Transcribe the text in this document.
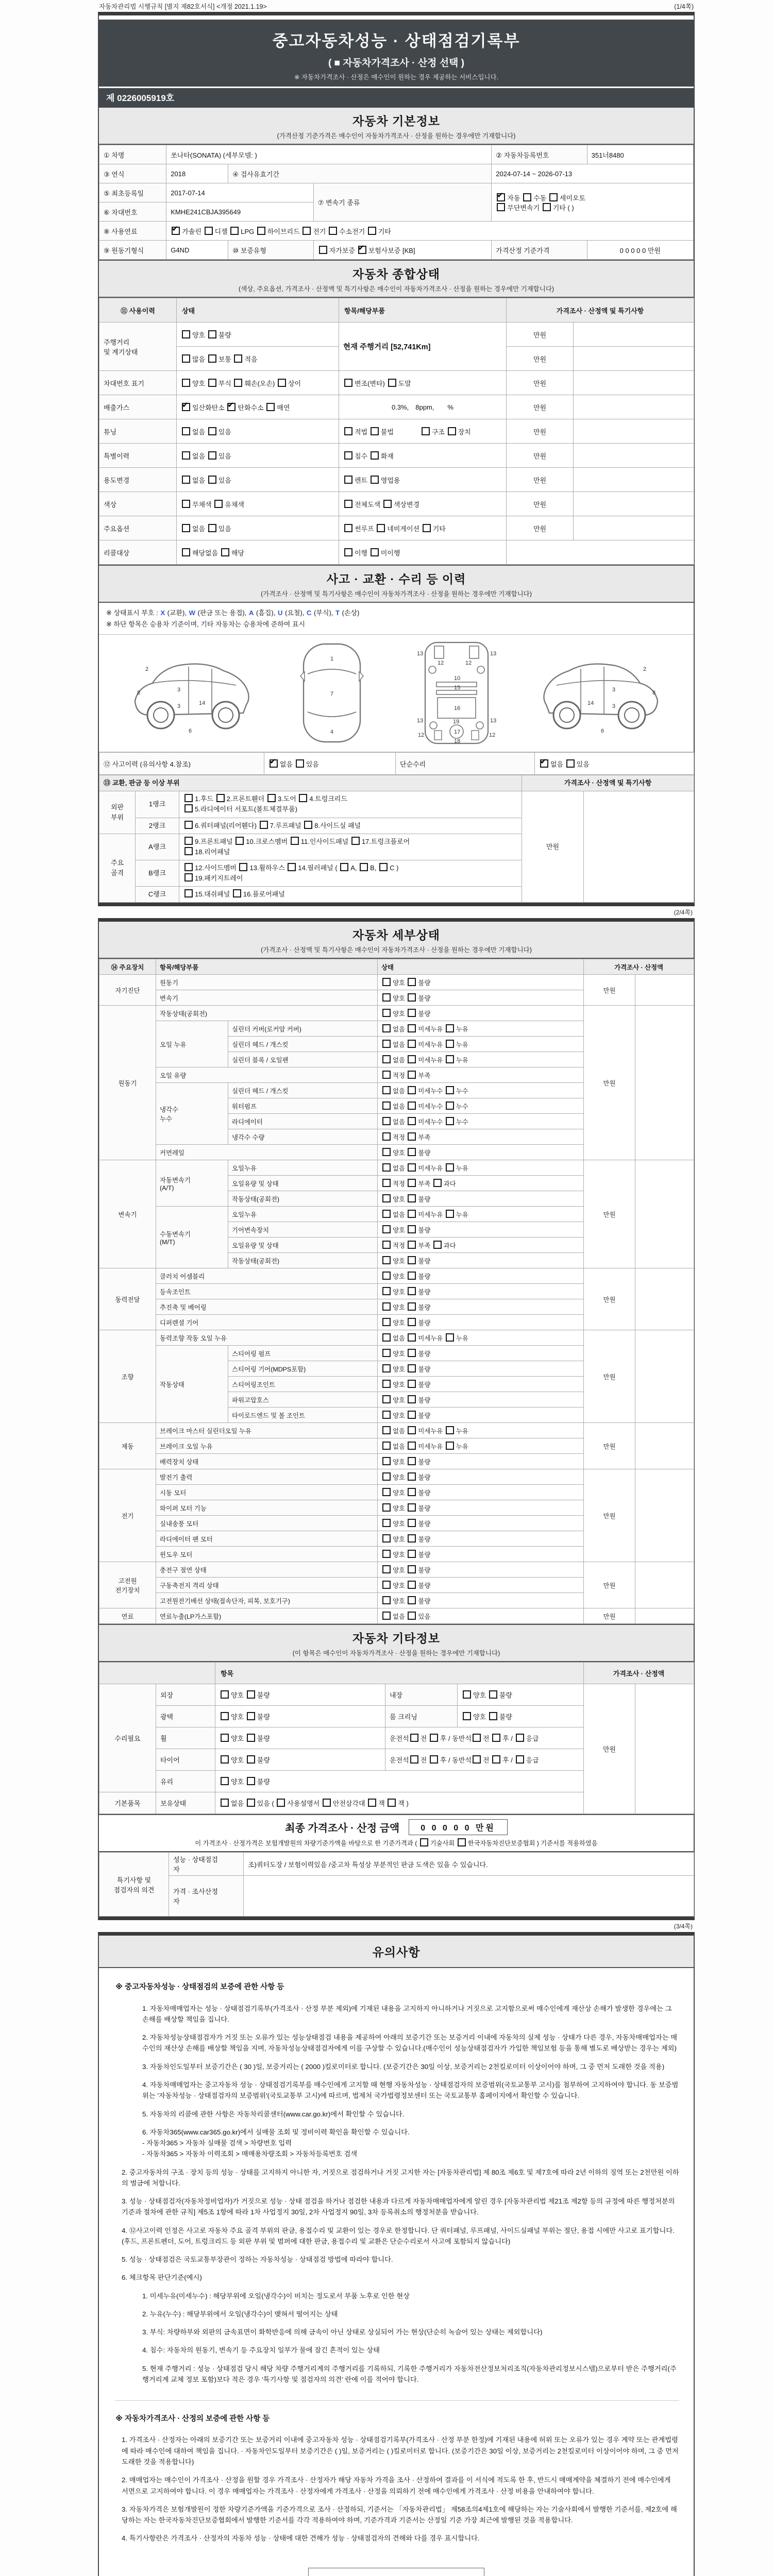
자동차관리법 시행규칙 [별지 제82호서식] <개정 2021.1.19>	(1/4쪽)
중고자동차성능 · 상태점검기록부
( ■ 자동차가격조사 · 산정 선택 )
※ 자동차가격조사 · 산정은 매수인이 원하는 경우 제공하는 서비스입니다.
제 0226005919호
자동차 기본정보
(가격산정 기준가격은 매수인이 자동차가격조사 · 산정을 원하는 경우에만 기재합니다)
① 차명	쏘나타(SONATA) (세부모델: )			② 자동차등록번호	351너8480
③ 연식	2018	④ 검사유효기간		2024-07-14 ~ 2026-07-13	
⑤ 최초등록일	2017-07-14		⑦ 변속기 종류	✔자동 수동 세미오토
무단변속기 기타 ( )
⑥ 차대번호	KMHE241CBJA395649				
⑧ 사용연료	✔가솔린 디젤 LPG 하이브리드 전기 수소전기 기타
⑨ 원동기형식	G4ND	⑩ 보증유형	자가보증 ✔보험사보증 [KB]	가격산정 기준가격	0 0 0 0 0 만원
자동차 종합상태
(색상, 주요옵션, 가격조사 · 산정액 및 특기사항은 매수인이 자동차가격조사 · 산정을 원하는 경우에만 기재합니다)
⑪ 사용이력	상태	항목/해당부품	가격조사 · 산정액 및 특기사항	
주행거리
및 계기상태	양호 불량	현재 주행거리 [52,741Km]	만원	
	많음 보통 적음		만원	
차대번호 표기	양호 부식 훼손(오손) 상이	변조(변타) 도말	만원	
배출가스	✔일산화탄소 ✔탄화수소 매연	0.3%, 8ppm,  %	만원	
튜닝	없음 있음	적법 불법    구조 장치	만원	
특별이력	없음 있음	침수 화재	만원	
용도변경	없음 있음	렌트 영업용	만원	
색상	무채색 유채색	전체도색 색상변경	만원	
주요옵션	없음 있음	썬루프 네비게이션 기타	만원	
리콜대상	해당없음 해당	이행 미이행		
사고 · 교환 · 수리 등 이력
(가격조사 · 산정액 및 특기사항은 매수인이 자동차가격조사 · 산정을 원하는 경우에만 기재합니다)
※ 상태표시 부호 : X (교환), W (판금 또는 용접), A (흠집), U (요철), C (부식), T (손상)
※ 하단 항목은 승용차 기준이며, 기타 자동차는 승용차에 준하여 표시
2
8	3
3	14
6
1
7
4
13
12	12
13
10
15
16
13	19	13
12	17	12
18
2
8
3
3
14
6
⑫ 사고이력 (유의사항 4.참조)	✔없음 있음	단순수리	✔없음 있음
⑬ 교환, 판금 등 이상 부위			가격조사 · 산정액 및 특기사항	
외판
부위	1랭크	1.후드 2.프론트휀더 3.도어 4.트렁크리드
5.라디에이터 서포트(볼트체결부품)	만원	
	2랭크	6.쿼터패널(리어휀다) 7.루프패널 8.사이드실 패널		
주요
골격	A랭크	9.프론트패널 10.크로스멤버 11.인사이드패널 17.트렁크플로어
18.리어패널		
	B랭크	12.사이드멤버 13.휠하우스 14.필러패널 ( A, B, C )
19.패키지트레이		
	C랭크	15.대쉬패널 16.플로어패널		
(2/4쪽)
자동차 세부상태
(가격조사 · 산정액 및 특기사항은 매수인이 자동차가격조사 · 산정을 원하는 경우에만 기재합니다)
⑭ 주요장치	항목/해당부품		상태	가격조사 · 산정액	
자기진단	원동기		양호 불량	만원	
	변속기		양호 불량		
원동기	작동상태(공회전)		양호 불량	만원	
	오일 누유	실린더 커버(로커암 커버)	없음 미세누유 누유		
		실린더 헤드 / 개스킷	없음 미세누유 누유		
		실린더 블록 / 오일팬	없음 미세누유 누유		
	오일 유량		적정 부족		
	냉각수
누수	실린더 헤드 / 개스킷	없음 미세누수 누수		
		워터펌프	없음 미세누수 누수		
		라디에이터	없음 미세누수 누수		
		냉각수 수량	적정 부족		
	커먼레일		양호 불량		
변속기	자동변속기
(A/T)	오일누유	없음 미세누유 누유	만원	
		오일유량 및 상태	적정 부족 과다		
		작동상태(공회전)	양호 불량		
	수동변속기
(M/T)	오일누유	없음 미세누유 누유		
		기어변속장치	양호 불량		
		오일유량 및 상태	적정 부족 과다		
		작동상태(공회전)	양호 불량		
동력전달	클러치 어셈블리		양호 불량	만원	
	등속조인트		양호 불량		
	추진축 및 베어링		양호 불량		
	디퍼렌셜 기어		양호 불량		
조향	동력조향 작동 오일 누유		없음 미세누유 누유	만원	
	작동상태	스티어링 펌프	양호 불량		
		스티어링 기어(MDPS포함)	양호 불량		
		스티어링조인트	양호 불량		
		파워고압호스	양호 불량		
		타이로드엔드 및 볼 조인트	양호 불량		
제동	브레이크 마스터 실린더오일 누유		없음 미세누유 누유	만원	
	브레이크 오일 누유		없음 미세누유 누유		
	배력장치 상태		양호 불량		
전기	발전기 출력		양호 불량	만원	
	시동 모터		양호 불량		
	와이퍼 모터 기능		양호 불량		
	실내송풍 모터		양호 불량		
	라디에이터 팬 모터		양호 불량		
	윈도우 모터		양호 불량		
고전원
전기장치	충전구 절연 상태		양호 불량	만원	
	구동축전지 격리 상태		양호 불량		
	고전원전기배선 상태(접속단자, 피복, 보호기구)		양호 불량		
연료	연료누출(LP가스포함)		없음 있음	만원	
자동차 기타정보
(이 항목은 매수인이 자동차가격조사 · 산정을 원하는 경우에만 기재합니다)
		항목			가격조사 · 산정액	
수리필요	외장	양호 불량	내장	양호 불량	만원	
	광택	양호 불량	룸 크리닝	양호 불량		
	휠	양호 불량	운전석 전 후 / 동반석 전 후 / 응급			
	타이어	양호 불량	운전석 전 후 / 동반석 전 후 / 응급			
	유리	양호 불량				
기본품목	보유상태	없음 있음 ( 사용설명서 안전삼각대 잭 잭 )				
최종 가격조사 · 산정 금액	0 0 0 0 0 만원
이 가격조사 · 산정가격은 보험개발원의 차량기준가액을 바탕으로 한 기준가격과 ( 기술사회 한국자동차진단보증협회 ) 기준서를 적용하였음
특기사항 및
점검자의 의견	성능 · 상태점검
자	조)쿼터도장 / 보험이력있음 /중고차 특성상 부분적인 판금 도색은 있을 수 있습니다.
	가격 · 조사산정
자	
(3/4쪽)
유의사항
※ 중고자동차성능 · 상태점검의 보증에 관한 사항 등
1. 자동차매매업자는 성능 · 상태점검기록부(가격조사 · 산정 부분 제외)에 기재된 내용을 고지하지 아니하거나 거짓으로 고지함으로써 매수인에게 재산상 손해가 발생한 경우에는 그 손해를 배상할 책임을 집니다.
2. 자동차성능상태점검자가 거짓 또는 오류가 있는 성능상태점검 내용을 제공하여 아래의 보증기간 또는 보증거리 이내에 자동차의 실제 성능 · 상태가 다른 경우, 자동차매매업자는 매수인의 재산상 손해를 배상할 책임을 지며, 자동차성능상태점검자에게 이를 구상할 수 있습니다.(매수인이 성능상태점검자가 가입한 책임보험 등을 통해 별도로 배상받는 경우는 제외)
3. 자동차인도일부터 보증기간은 ( 30 )일, 보증거리는 ( 2000 )킬로미터로 합니다. (보증기간은 30일 이상, 보증거리는 2천킬로미터 이상이어야 하며, 그 중 먼저 도래한 것을 적용)
4. 자동차매매업자는 중고자동차 성능 · 상태점검기록부를 매수인에게 고지할 때 현행 자동차성능 · 상태점검자의 보증범위(국토교통부 고시)를 첨부하여 고지하여야 합니다. 동 보증범위는 '자동차성능 · 상태점검자의 보증범위'(국토교통부 고시)에 따르며, 법제처 국가법령정보센터 또는 국토교통부 홈페이지에서 확인할 수 있습니다.
5. 자동차의 리콜에 관한 사항은 자동차리콜센터(www.car.go.kr)에서 확인할 수 있습니다.
6. 자동차365(www.car365.go.kr)에서 실매물 조회 및 정비이력 확인을 확인할 수 있습니다.
- 자동차365 > 자동차 실매물 검색 > 차량번호 입력
- 자동차365 > 자동차 이력조회 > 매매용차량조회 > 자동차등록번호 검색
2. 중고자동차의 구조 · 장치 등의 성능 · 상태를 고지하지 아니한 자, 거짓으로 점검하거나 거짓 고지한 자는 [자동차관리법] 제 80조 제6호 및 제7호에 따라 2년 이하의 징역 또는 2천만원 이하의 벌금에 처합니다.
3. 성능 · 상태점검자(자동차정비업자)가 거짓으로 성능 · 상태 점검을 하거나 점검한 내용과 다르게 자동차매매업자에게 알린 경우 [자동차관리법 제21조 제2항 등의 규정에 따른 행정처분의 기준과 절차에 관한 규칙] 제5조 1항에 따라 1차 사업정지 30일, 2차 사업정지 90일, 3차 등록취소의 행정처분을 받습니다.
4. ⑫사고이력 인정은 사고로 자동차 주요 골격 부위의 판금, 용접수리 및 교환이 있는 경우로 한정합니다. 단 쿼터패널, 루프패널, 사이드실패널 부위는 절단, 용접 시에만 사고로 표기합니다. (후드, 프론트펜더, 도어, 트렁크리드 등 외판 부위 및 범퍼에 대한 판금, 용접수리 및 교환은 단순수리로서 사고에 포함되지 않습니다)
5. 성능 · 상태점검은 국토교통부장관이 정하는 자동차성능 · 상태점검 방법에 따라야 합니다.
6. 체크항목 판단기준(예시)
1. 미세누유(미세누수) : 해당부위에 오일(냉각수)이 비치는 정도로서 부품 노후로 인한 현상
2. 누유(누수) : 해당부위에서 오일(냉각수)이 맺혀서 떨어지는 상태
3. 부식: 차량하부와 외판의 금속표면이 화학반응에 의해 금속이 아닌 상태로 상실되어 가는 현상(단순히 녹슬어 있는 상태는 제외합니다)
4. 침수: 자동차의 원동기, 변속기 등 주요장치 일부가 물에 잠긴 흔적이 있는 상태
5. 현재 주행거리 : 성능 · 상태점검 당시 해당 차량 주행거리계의 주행거리를 기록하되, 기록한 주행거리가 자동차전산정보처리조직(자동차관리정보시스템)으로부터 받은 주행거리(주행거리계 교체 정보 포함)보다 적은 경우 '특기사항 및 점검자의 의견' 란에 이를 적어야 합니다.
※ 자동차가격조사 · 산정의 보증에 관한 사항 등
1. 가격조사 · 산정자는 아래의 보증기간 또는 보증거리 이내에 중고자동차 성능 · 상태점검기록부(가격조사 · 산정 부분 한정)에 기재된 내용에 허위 또는 오류가 있는 경우 계약 또는 관계법령에 따라 매수인에 대하여 책임을 집니다. · 자동차인도일부터 보증기간은 ( )일, 보증거리는 ( )킬로미터로 합니다. (보증기간은 30일 이상, 보증거리는 2천킬로미터 이상이어야 하며, 그 중 먼저 도래한 것을 적용합니다)
2. 매매업자는 매수인이 가격조사 · 산정을 원할 경우 가격조사 · 산정자가 해당 자동차 가격을 조사 · 산정하여 결과를 이 서식에 적도록 한 후, 반드시 매매계약을 체결하기 전에 매수인에게 서면으로 고지하여야 합니다. 이 경우 매매업자는 가격조사 · 산정자에게 가격조사 · 산정을 의뢰하기 전에 매수인에게 가격조사 · 산정 비용을 안내하여야 합니다.
3. 자동차가격은 보험개발원이 정한 차량기준가액을 기준가격으로 조사 · 산정하되, 기준서는 「자동차관리법」 제58조의4제1호에 해당하는 자는 기술사회에서 발행한 기준서를, 제2호에 해당하는 자는 한국자동차진단보증협회에서 발행한 기준서를 각각 적용하여야 하며, 기준가격과 기준서는 산정일 기준 가장 최근에 발행된 것을 적용합니다.
4. 특기사항란은 가격조사 · 산정자의 자동차 성능 · 상태에 대한 견해가 성능 · 상태점검자의 견해와 다를 경우 표시합니다.
